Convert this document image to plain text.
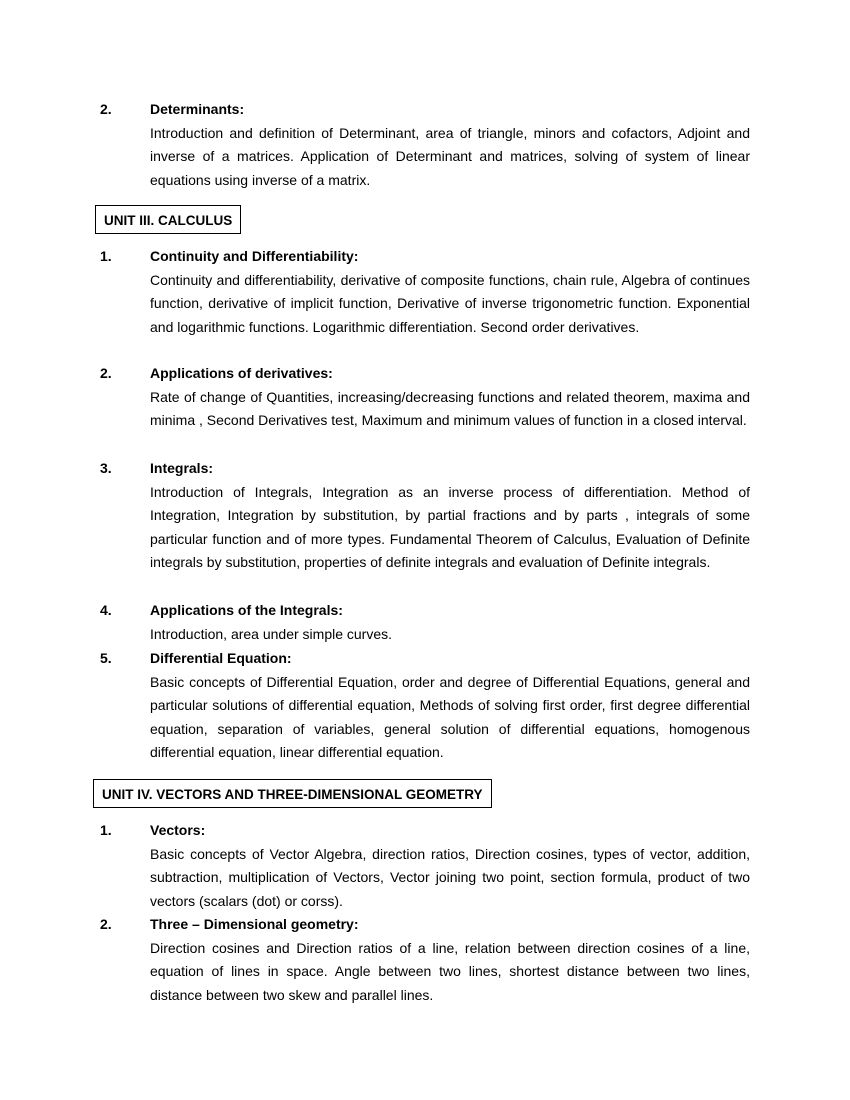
2.	Determinants:
Introduction and definition of Determinant, area of triangle, minors and cofactors, Adjoint and inverse of a matrices. Application of Determinant and matrices, solving of system of linear equations using inverse of a matrix.
UNIT III. CALCULUS
1.	Continuity and Differentiability:
Continuity and differentiability, derivative of composite functions, chain rule, Algebra of continues function, derivative of implicit function, Derivative of inverse trigonometric function. Exponential and logarithmic functions. Logarithmic differentiation. Second order derivatives.
2.	Applications of derivatives:
Rate of change of Quantities, increasing/decreasing functions and related theorem, maxima and minima , Second Derivatives test, Maximum and minimum values of function in a closed interval.
3.	Integrals:
Introduction of Integrals, Integration as an inverse process of differentiation. Method of Integration, Integration by substitution, by partial fractions and by parts , integrals of some particular function and of more types. Fundamental Theorem of Calculus, Evaluation of Definite integrals by substitution, properties of definite integrals and evaluation of Definite integrals.
4.	Applications of the Integrals:
Introduction, area under simple curves.
5.	Differential Equation:
Basic concepts of Differential Equation, order and degree of Differential Equations, general and particular solutions of differential equation, Methods of solving first order, first degree differential equation, separation of variables, general solution of differential equations, homogenous differential equation, linear differential equation.
UNIT IV. VECTORS AND THREE-DIMENSIONAL GEOMETRY
1.	Vectors:
Basic concepts of Vector Algebra, direction ratios, Direction cosines, types of vector, addition, subtraction, multiplication of Vectors, Vector joining two point, section formula, product of two vectors (scalars (dot) or corss).
2.	Three – Dimensional geometry:
Direction cosines and Direction ratios of a line, relation between direction cosines of a line, equation of lines in space. Angle between two lines, shortest distance between two lines, distance between two skew and parallel lines.
